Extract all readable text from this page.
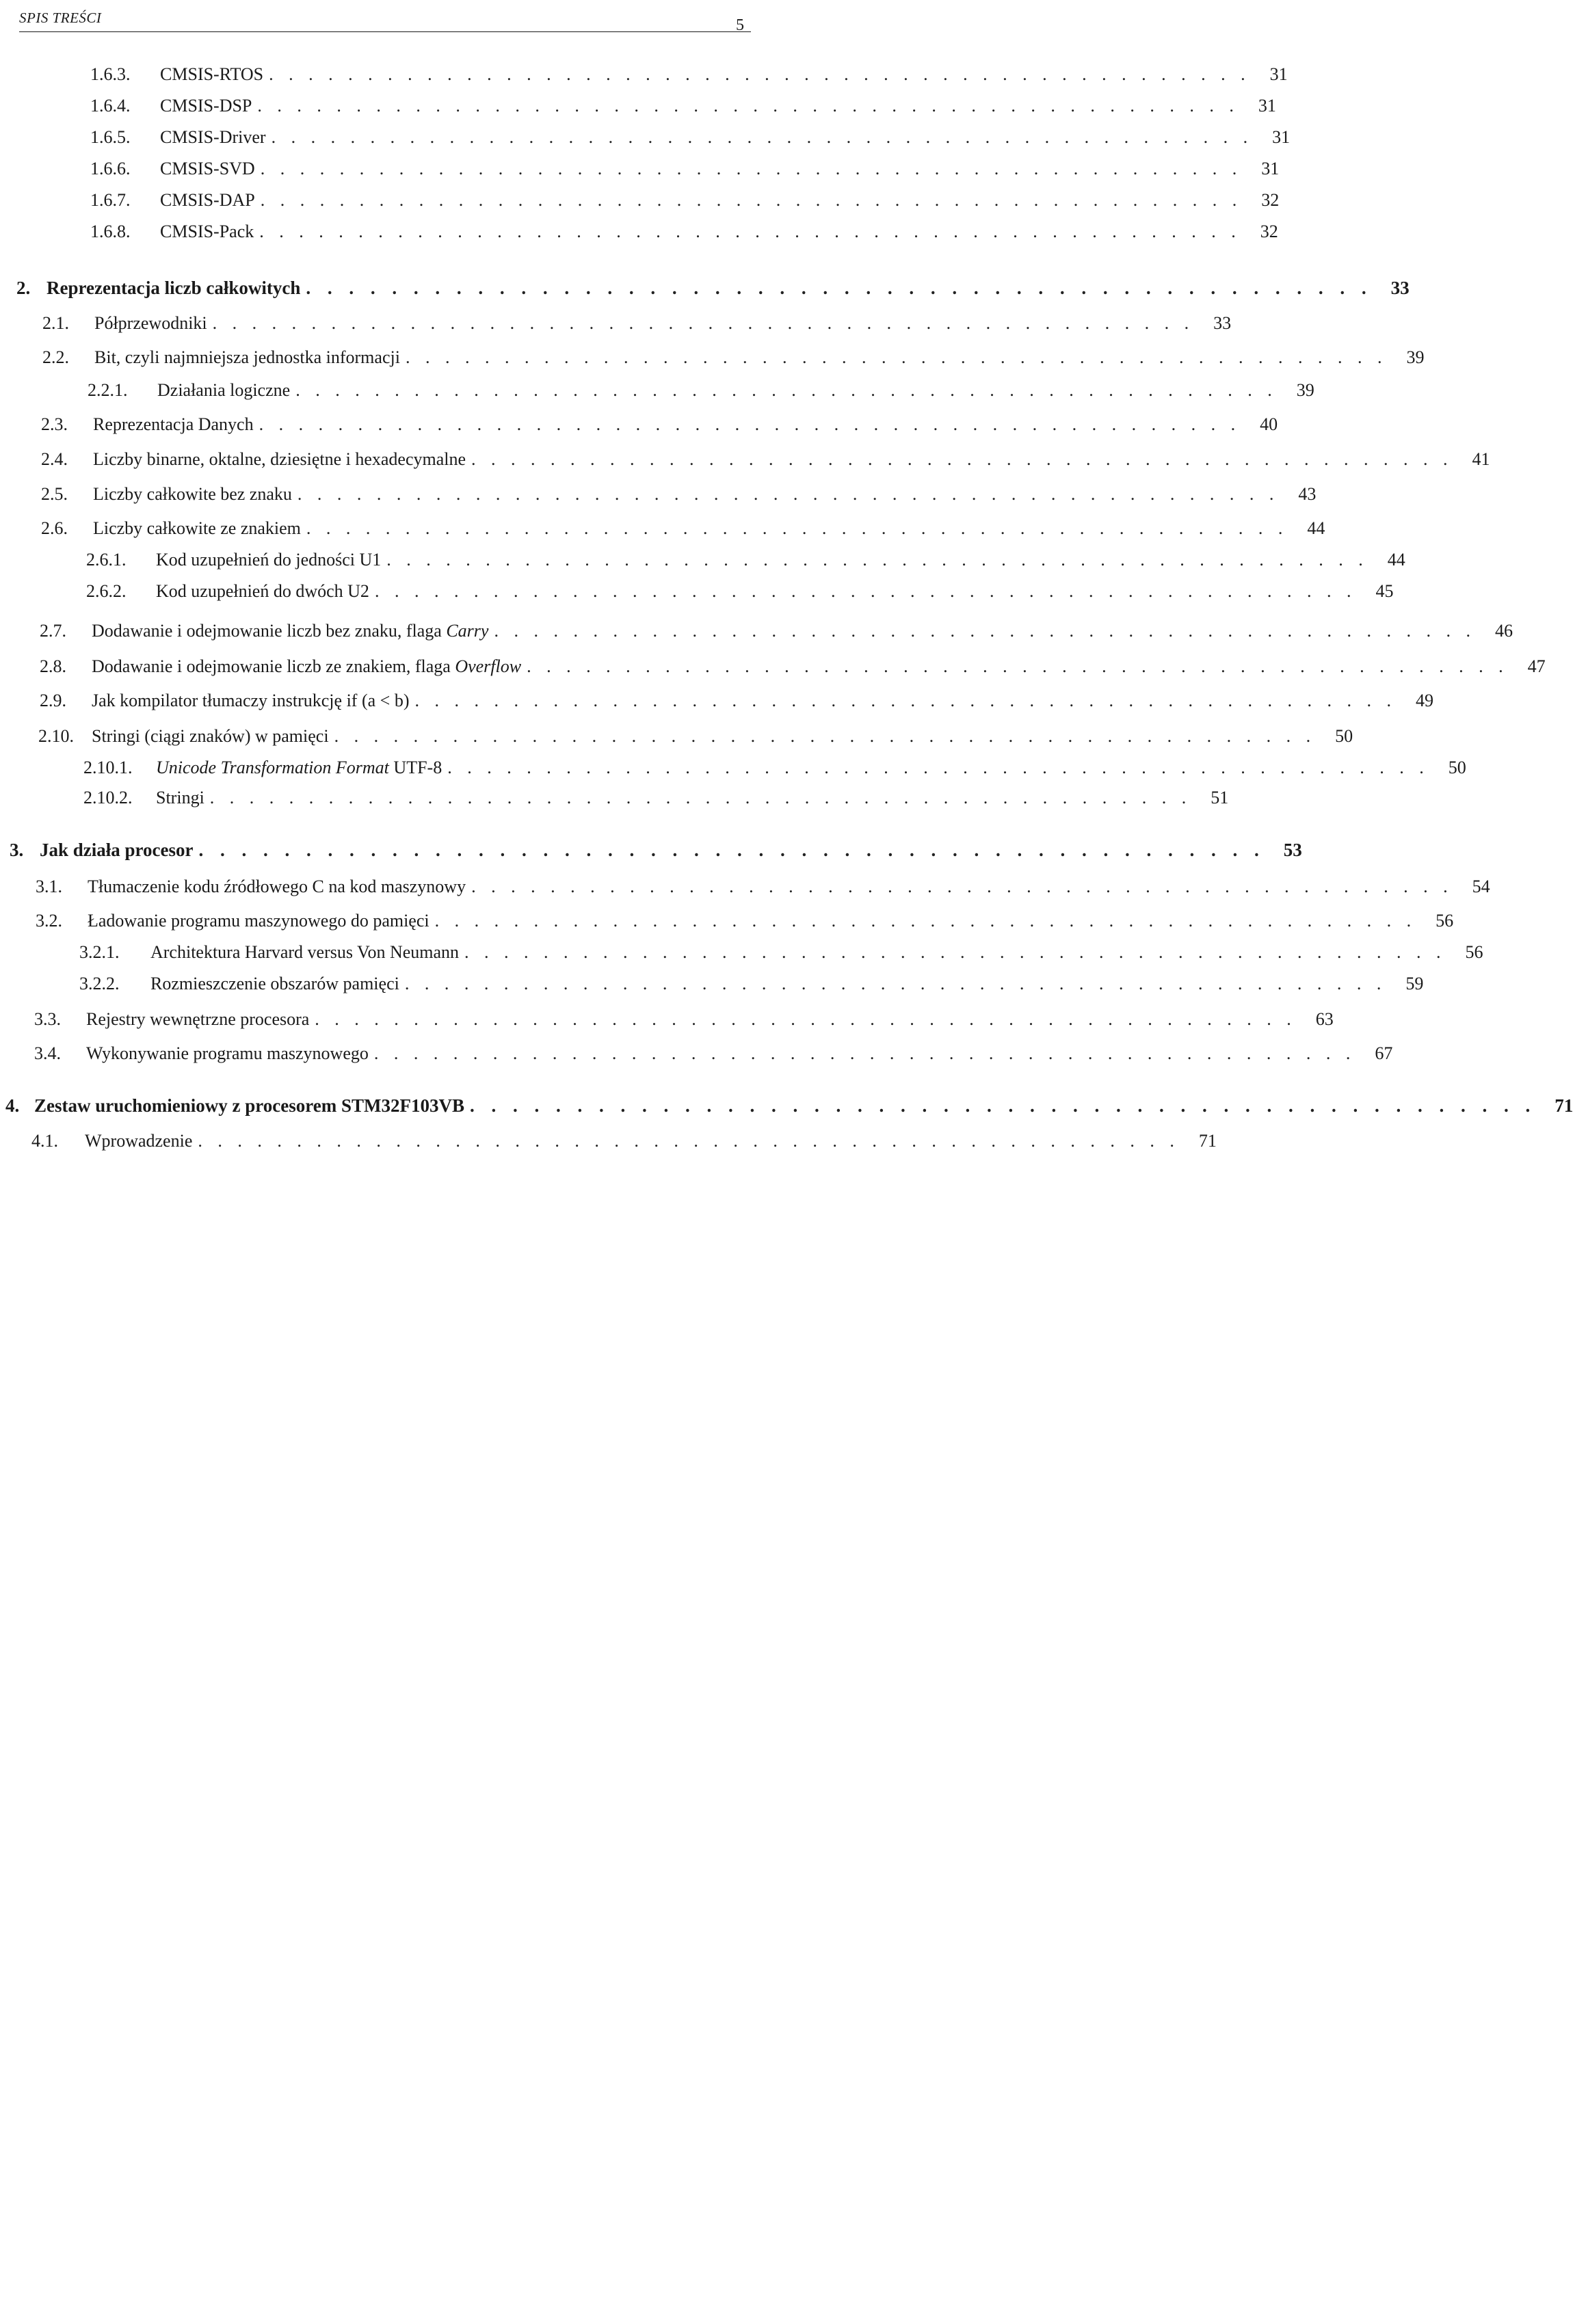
SPIS TREŚCI	5
1.6.3.	CMSIS-RTOS . . . . . . . . . . . . . . . . . . . . . . . . . . . . . . . . . . . . . . . . . . . . . . . . . .	31
1.6.4.	CMSIS-DSP . . . . . . . . . . . . . . . . . . . . . . . . . . . . . . . . . . . . . . . . . . . . . . . . . .	31
1.6.5.	CMSIS-Driver . . . . . . . . . . . . . . . . . . . . . . . . . . . . . . . . . . . . . . . . . . . . . . . . . .	31
1.6.6.	CMSIS-SVD . . . . . . . . . . . . . . . . . . . . . . . . . . . . . . . . . . . . . . . . . . . . . . . . . .	31
1.6.7.	CMSIS-DAP . . . . . . . . . . . . . . . . . . . . . . . . . . . . . . . . . . . . . . . . . . . . . . . . . .	32
1.6.8.	CMSIS-Pack . . . . . . . . . . . . . . . . . . . . . . . . . . . . . . . . . . . . . . . . . . . . . . . . . .	32
2. Reprezentacja liczb całkowitych . . . . . . . . . . . . . . . . . . . . . . . . . . . . . . . . . . . . . . . . . . . . . . . . . .	33
2.1.	Półprzewodniki . . . . . . . . . . . . . . . . . . . . . . . . . . . . . . . . . . . . . . . . . . . . . . . . . .	33
2.2.	Bit, czyli najmniejsza jednostka informacji . . . . . . . . . . . . . . . . . . . . . . . . . . . . . . . . . . . . . . . . . . . . . . . . . .	39
2.2.1.	Działania logiczne . . . . . . . . . . . . . . . . . . . . . . . . . . . . . . . . . . . . . . . . . . . . . . . . . .	39
2.3.	Reprezentacja Danych . . . . . . . . . . . . . . . . . . . . . . . . . . . . . . . . . . . . . . . . . . . . . . . . . .	40
2.4.	Liczby binarne, oktalne, dziesiętne i hexadecymalne . . . . . . . . . . . . . . . . . . . . . . . . . . . . . . . . . . . . . . . . . . . . . . . . . .	41
2.5.	Liczby całkowite bez znaku . . . . . . . . . . . . . . . . . . . . . . . . . . . . . . . . . . . . . . . . . . . . . . . . . .	43
2.6.	Liczby całkowite ze znakiem . . . . . . . . . . . . . . . . . . . . . . . . . . . . . . . . . . . . . . . . . . . . . . . . . .	44
2.6.1.	Kod uzupełnień do jedności U1 . . . . . . . . . . . . . . . . . . . . . . . . . . . . . . . . . . . . . . . . . . . . . . . . . .	44
2.6.2.	Kod uzupełnień do dwóch U2 . . . . . . . . . . . . . . . . . . . . . . . . . . . . . . . . . . . . . . . . . . . . . . . . . .	45
2.7.	Dodawanie i odejmowanie liczb bez znaku, flaga Carry . . . . . . . . . . . . . . . . . . . . . . . . . . . . . . . . . . . . . . . . . . . . . . . . . .	46
2.8.	Dodawanie i odejmowanie liczb ze znakiem, flaga Overflow . . . . . . . . . . . . . . . . . . . . . . . . . . . . . . . . . . . . . . . . . . . . . . . . . .	47
2.9.	Jak kompilator tłumaczy instrukcję if (a < b) . . . . . . . . . . . . . . . . . . . . . . . . . . . . . . . . . . . . . . . . . . . . . . . . . .	49
2.10.	Stringi (ciągi znaków) w pamięci . . . . . . . . . . . . . . . . . . . . . . . . . . . . . . . . . . . . . . . . . . . . . . . . . .	50
2.10.1.	Unicode Transformation Format UTF-8 . . . . . . . . . . . . . . . . . . . . . . . . . . . . . . . . . . . . . . . . . . . . . . . . . .	50
2.10.2.	Stringi . . . . . . . . . . . . . . . . . . . . . . . . . . . . . . . . . . . . . . . . . . . . . . . . . .	51
3. Jak działa procesor . . . . . . . . . . . . . . . . . . . . . . . . . . . . . . . . . . . . . . . . . . . . . . . . . .	53
3.1.	Tłumaczenie kodu źródłowego C na kod maszynowy . . . . . . . . . . . . . . . . . . . . . . . . . . . . . . . . . . . . . . . . . . . . . . . . . .	54
3.2.	Ładowanie programu maszynowego do pamięci . . . . . . . . . . . . . . . . . . . . . . . . . . . . . . . . . . . . . . . . . . . . . . . . . .	56
3.2.1.	Architektura Harvard versus Von Neumann . . . . . . . . . . . . . . . . . . . . . . . . . . . . . . . . . . . . . . . . . . . . . . . . . .	56
3.2.2.	Rozmieszczenie obszarów pamięci . . . . . . . . . . . . . . . . . . . . . . . . . . . . . . . . . . . . . . . . . . . . . . . . . .	59
3.3.	Rejestry wewnętrzne procesora . . . . . . . . . . . . . . . . . . . . . . . . . . . . . . . . . . . . . . . . . . . . . . . . . .	63
3.4.	Wykonywanie programu maszynowego . . . . . . . . . . . . . . . . . . . . . . . . . . . . . . . . . . . . . . . . . . . . . . . . . .	67
4. Zestaw uruchomieniowy z procesorem STM32F103VB . . . . . . . . . . . . . . . . . . . . . . . . . . . . . . . . . . . . . . . . . . . . . . . . . .	71
4.1.	Wprowadzenie . . . . . . . . . . . . . . . . . . . . . . . . . . . . . . . . . . . . . . . . . . . . . . . . . .	71
